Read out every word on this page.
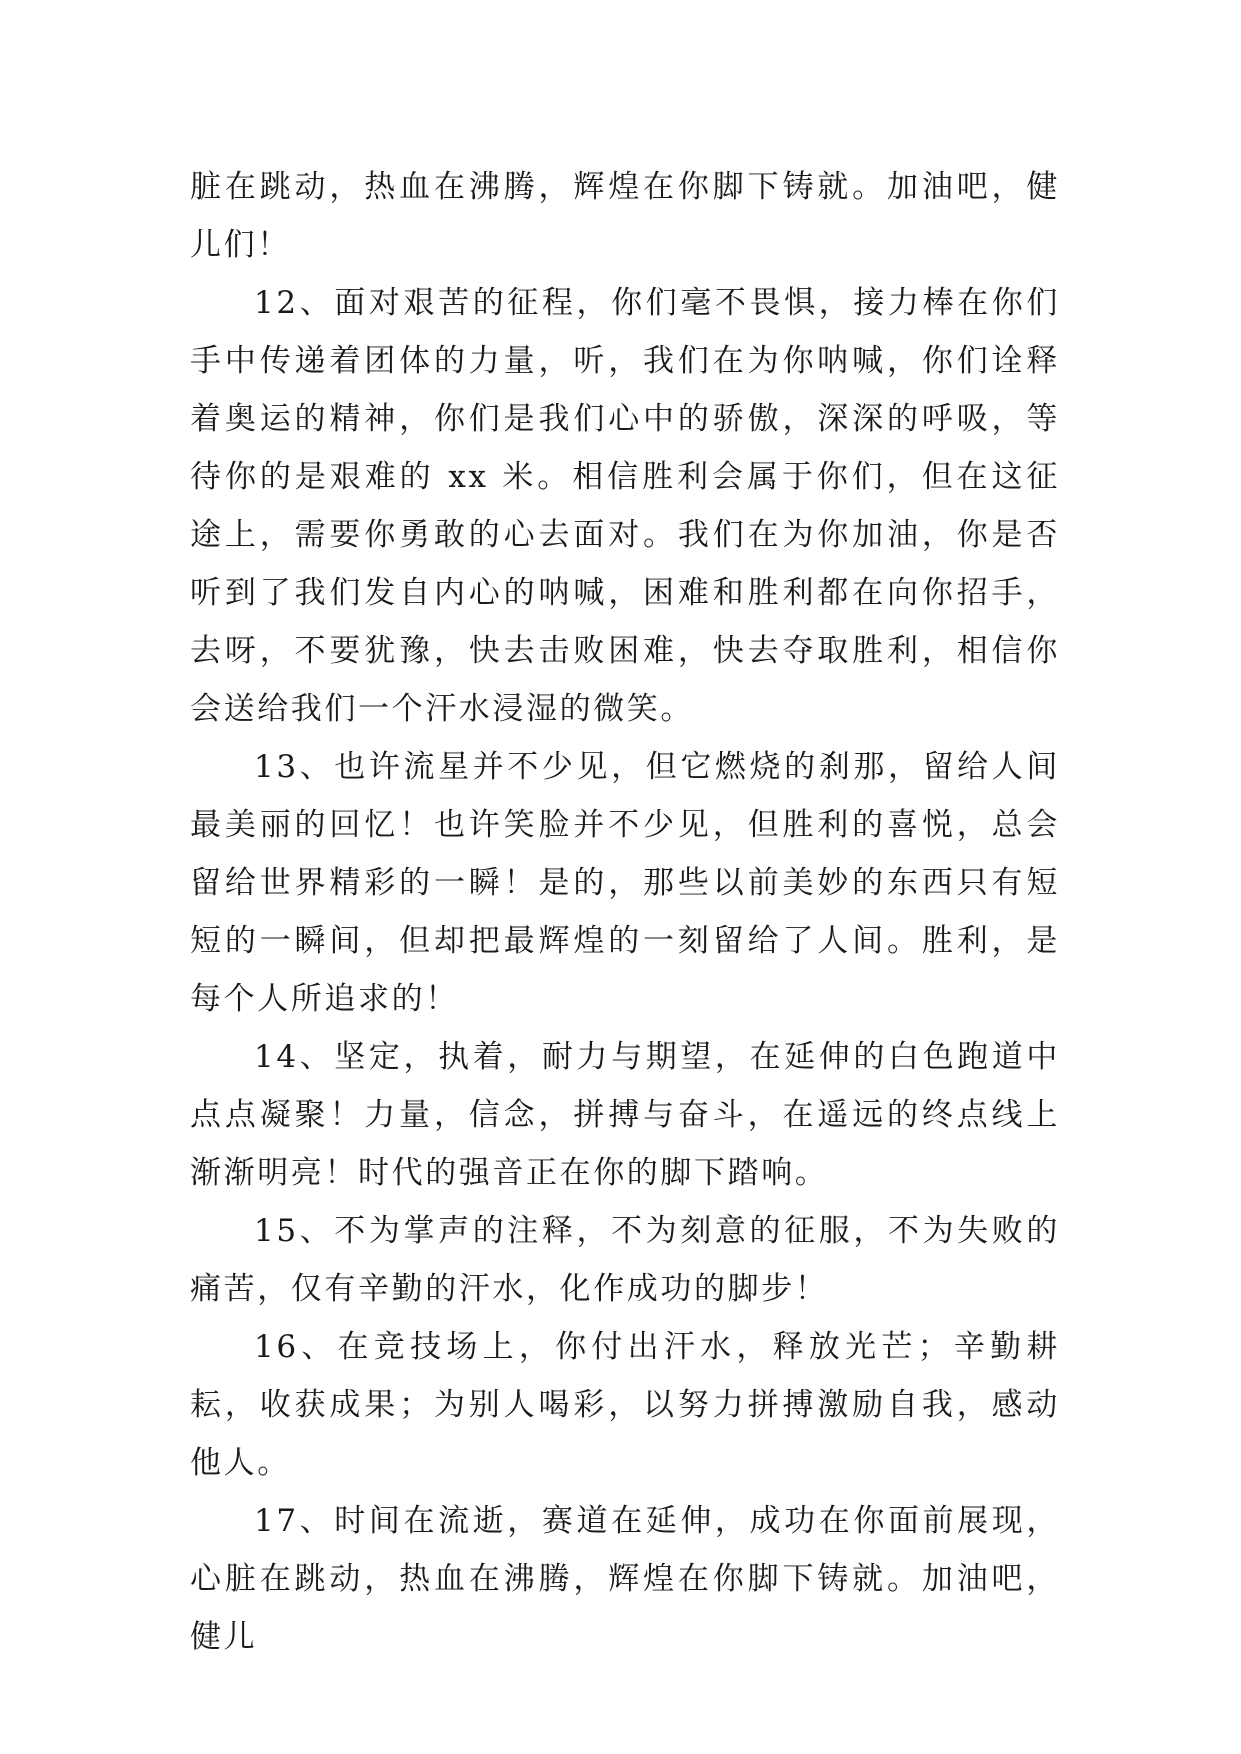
脏在跳动，热血在沸腾，辉煌在你脚下铸就。加油吧，健儿们！

12、面对艰苦的征程，你们毫不畏惧，接力棒在你们手中传递着团体的力量，听，我们在为你呐喊，你们诠释着奥运的精神，你们是我们心中的骄傲，深深的呼吸，等待你的是艰难的 xx 米。相信胜利会属于你们，但在这征途上，需要你勇敢的心去面对。我们在为你加油，你是否听到了我们发自内心的呐喊，困难和胜利都在向你招手，去呀，不要犹豫，快去击败困难，快去夺取胜利，相信你会送给我们一个汗水浸湿的微笑。

13、也许流星并不少见，但它燃烧的刹那，留给人间最美丽的回忆！也许笑脸并不少见，但胜利的喜悦，总会留给世界精彩的一瞬！是的，那些以前美妙的东西只有短短的一瞬间，但却把最辉煌的一刻留给了人间。胜利，是每个人所追求的！

14、坚定，执着，耐力与期望，在延伸的白色跑道中点点凝聚！力量，信念，拼搏与奋斗，在遥远的终点线上渐渐明亮！时代的强音正在你的脚下踏响。

15、不为掌声的注释，不为刻意的征服，不为失败的痛苦，仅有辛勤的汗水，化作成功的脚步！

16、在竞技场上，你付出汗水，释放光芒；辛勤耕耘，收获成果；为别人喝彩，以努力拼搏激励自我，感动他人。

17、时间在流逝，赛道在延伸，成功在你面前展现，心脏在跳动，热血在沸腾，辉煌在你脚下铸就。加油吧，健儿
